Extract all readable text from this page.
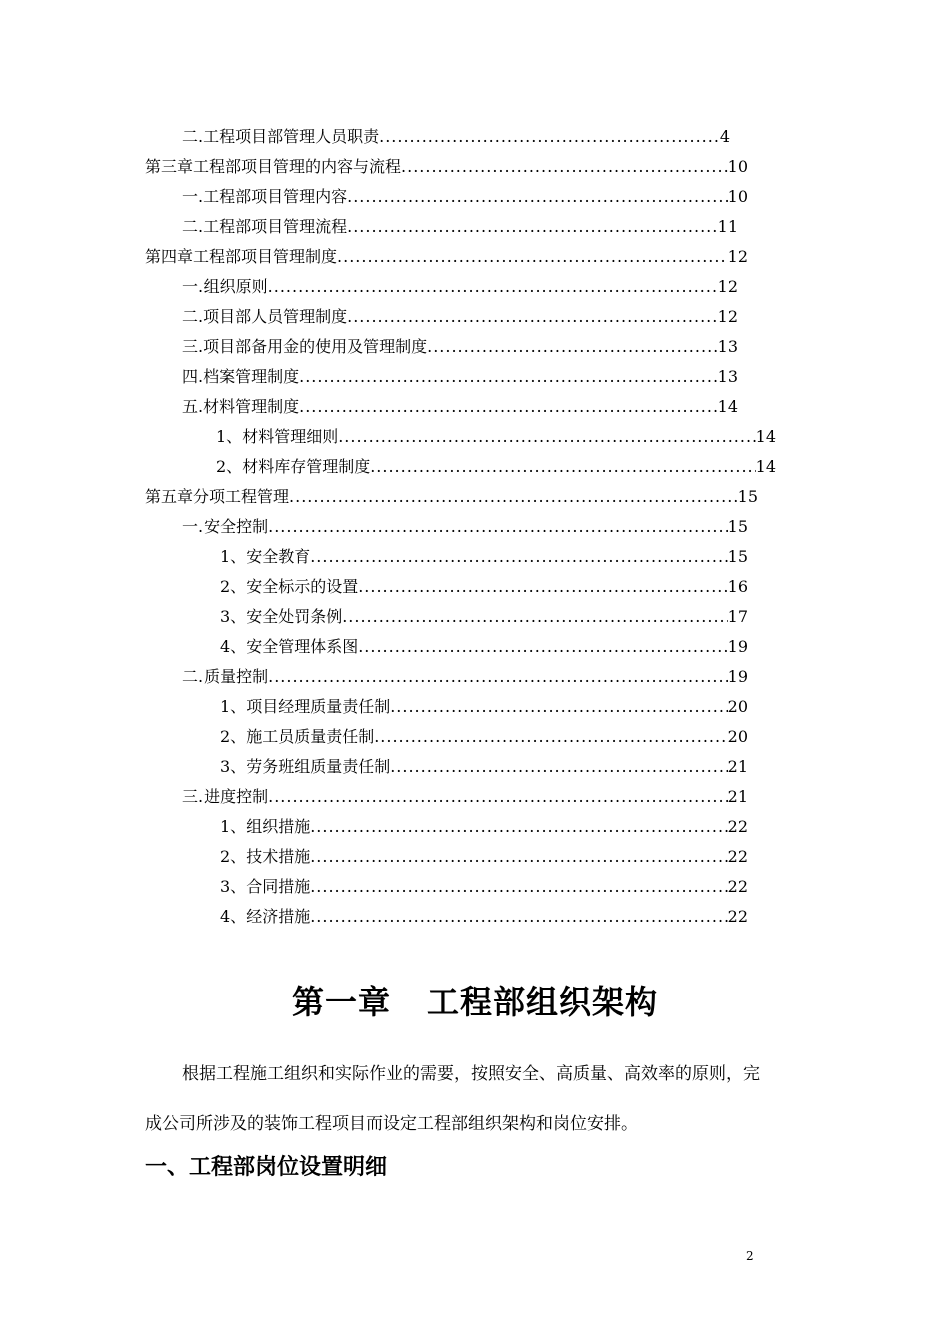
二. 工程项目部管理人员职责 .....	4
第三章 工程部项目管理的内容与流程 .....	10
一. 工程部项目管理内容 .....	10
二. 工程部项目管理流程 .....	11
第四章 工程部项目管理制度 .....	12
一. 组织原则 .....	12
二. 项目部人员管理制度 .....	12
三. 项目部备用金的使用及管理制度 .....	13
四. 档案管理制度 .....	13
五. 材料管理制度 .....	14
1、 材料管理细则 .....	14
2、 材料库存管理制度 .....	14
第五章 分项工程管理 .....	15
一. 安全控制 .....	15
1、 安全教育 .....	15
2、 安全标示的设置 .....	16
3、 安全处罚条例 .....	17
4、 安全管理体系图 .....	19
二. 质量控制 .....	19
1、 项目经理质量责任制 .....	20
2、 施工员质量责任制 .....	20
3、 劳务班组质量责任制 .....	21
三. 进度控制 .....	21
1、 组织措施 .....	22
2、 技术措施 .....	22
3、 合同措施 .....	22
4、 经济措施 .....	22
第一章 工程部组织架构
根据工程施工组织和实际作业的需要，按照安全、高质量、高效率的原则，完
成公司所涉及的装饰工程项目而设定工程部组织架构和岗位安排。
一、工程部岗位设置明细
2
